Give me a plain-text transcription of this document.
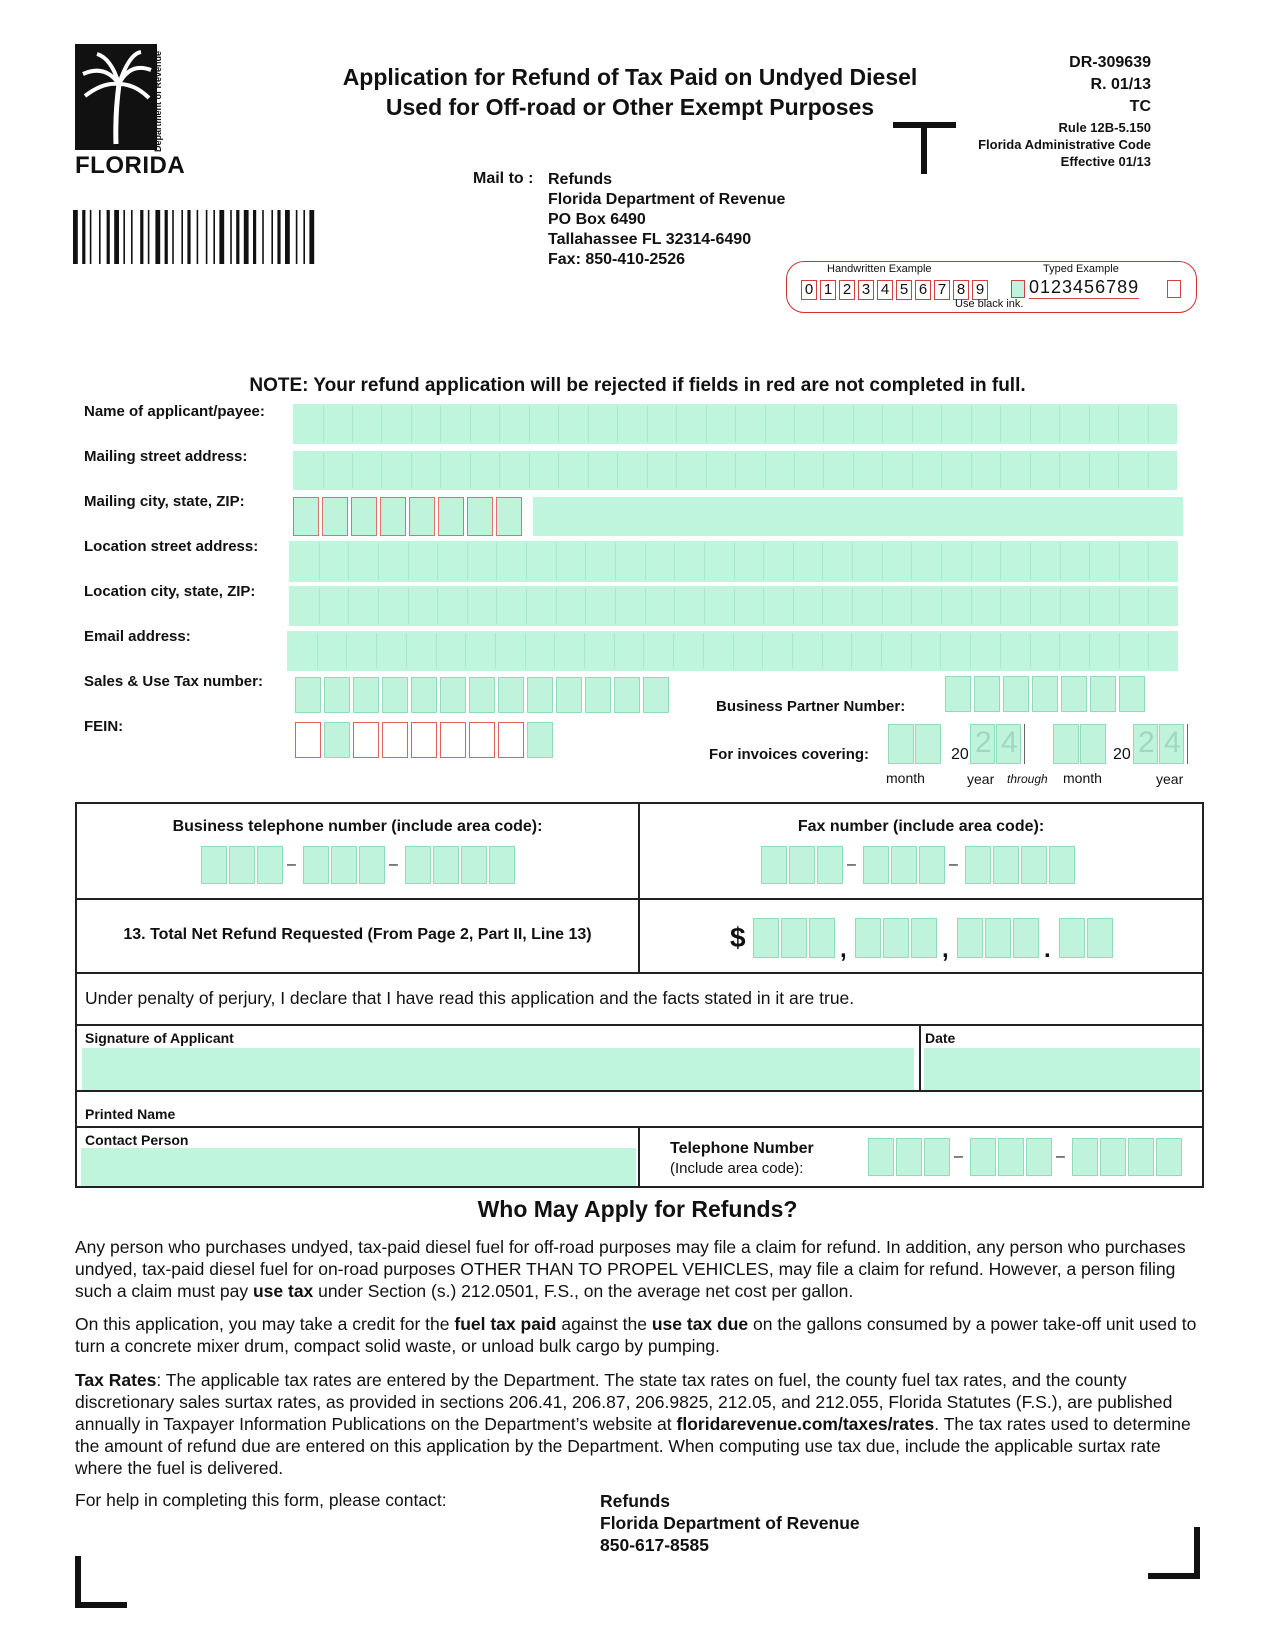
Department of Revenue
FLORIDA
Application for Refund of Tax Paid on Undyed Diesel
Used for Off-road or Other Exempt Purposes
DR-309639
R. 01/13
TC
Rule 12B-5.150
Florida Administrative Code
Effective 01/13
Mail to : Refunds
Florida Department of Revenue
PO Box 6490
Tallahassee FL 32314-6490
Fax: 850-410-2526
Handwritten Example	Typed Example
0 1 2 3 4 5 6 7 8 9 0123456789
Use black ink.
NOTE: Your refund application will be rejected if fields in red are not completed in full.
Name of applicant/payee:
Mailing street address:
Mailing city, state, ZIP:
Location street address:
Location city, state, ZIP:
Email address:
Sales & Use Tax number:
FEIN:
Business Partner Number:
For invoices covering:	20 2 4	20 2 4
month	year through month	year
Business telephone number (include area code):
–	–
Fax number (include area code):
–	–
13. Total Net Refund Requested (From Page 2, Part II, Line 13)	$	,	,	.
Under penalty of perjury, I declare that I have read this application and the facts stated in it are true.
Signature of Applicant	Date
Printed Name
Contact Person	Telephone Number
(Include area code):
–	–
Who May Apply for Refunds?
Any person who purchases undyed, tax-paid diesel fuel for off-road purposes may file a claim for refund. In addition, any person who purchases undyed, tax-paid diesel fuel for on-road purposes OTHER THAN TO PROPEL VEHICLES, may file a claim for refund. However, a person filing such a claim must pay use tax under Section (s.) 212.0501, F.S., on the average net cost per gallon.
On this application, you may take a credit for the fuel tax paid against the use tax due on the gallons consumed by a power take-off unit used to turn a concrete mixer drum, compact solid waste, or unload bulk cargo by pumping.
Tax Rates: The applicable tax rates are entered by the Department. The state tax rates on fuel, the county fuel tax rates, and the county discretionary sales surtax rates, as provided in sections 206.41, 206.87, 206.9825, 212.05, and 212.055, Florida Statutes (F.S.), are published annually in Taxpayer Information Publications on the Department’s website at floridarevenue.com/taxes/rates. The tax rates used to determine the amount of refund due are entered on this application by the Department. When computing use tax due, include the applicable surtax rate where the fuel is delivered.
For help in completing this form, please contact:	Refunds
Florida Department of Revenue
850-617-8585
